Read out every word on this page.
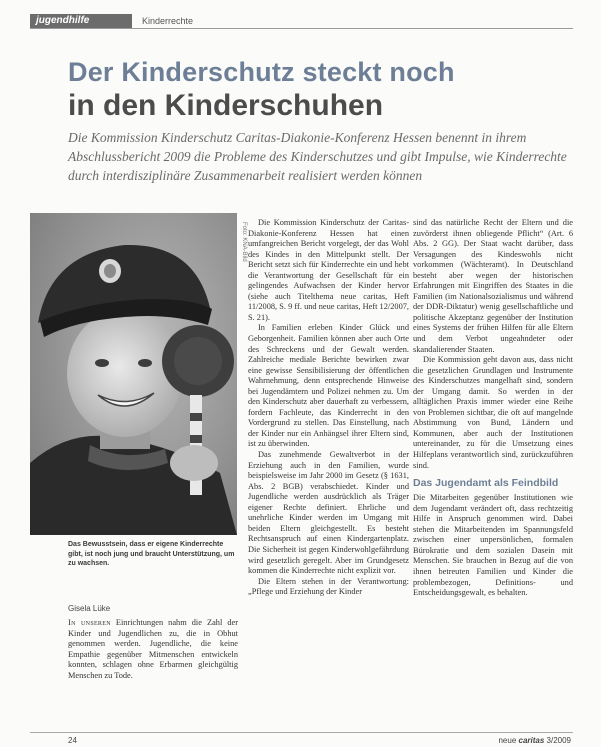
jugendhilfe	Kinderrechte
Der Kinderschutz steckt noch
in den Kinderschuhen

Die Kommission Kinderschutz Caritas-Diakonie-Konferenz Hessen benennt in ihrem Abschlussbericht 2009 die Probleme des Kinderschutzes und gibt Impulse, wie Kinderrechte durch interdisziplinäre Zusammenarbeit realisiert werden können

Foto: KNA-Bild
Das Bewusstsein, dass er eigene Kinderrechte gibt, ist noch jung und braucht Unterstützung, um zu wachsen.
Gisela Lüke

In unseren Einrichtungen nahm die Zahl der Kinder und Jugendlichen zu, die in Obhut genommen werden. Jugendliche, die keine Empathie gegenüber Mitmenschen entwickeln konnten, schlagen ohne Erbarmen gleichgültig Menschen zu Tode.

Die Kommission Kinderschutz der Caritas-Diakonie-Konferenz Hessen hat einen umfangreichen Bericht vorgelegt, der das Wohl des Kindes in den Mittelpunkt stellt. Der Bericht setzt sich für Kinderrechte ein und hebt die Verantwortung der Gesellschaft für ein gelingendes Aufwachsen der Kinder hervor (siehe auch Titelthema neue caritas, Heft 11/2008, S. 9 ff. und neue caritas, Heft 12/2007, S. 21).

In Familien erleben Kinder Glück und Geborgenheit. Familien können aber auch Orte des Schreckens und der Gewalt werden. Zahlreiche mediale Berichte bewirken zwar eine gewisse Sensibilisierung der öffentlichen Wahrnehmung, denn entsprechende Hinweise bei Jugendämtern und Polizei nehmen zu. Um den Kinderschutz aber dauerhaft zu verbessern, fordern Fachleute, das Kinderrecht in den Vordergrund zu stellen. Das Einstellung, nach der Kinder nur ein Anhängsel ihrer Eltern sind, ist zu überwinden.

Das zunehmende Gewaltverbot in der Erziehung auch in den Familien, wurde beispielsweise im Jahr 2000 im Gesetz (§ 1631, Abs. 2 BGB) verabschiedet. Kinder und Jugendliche werden ausdrücklich als Träger eigener Rechte definiert. Ehrliche und unehrliche Kinder werden im Umgang mit beiden Eltern gleichgestellt. Es besteht Rechtsanspruch auf einen Kindergartenplatz. Die Sicherheit ist gegen Kinderwohlgefährdung wird gesetzlich geregelt. Aber im Grundgesetz kommen die Kinderrechte nicht explizit vor.

Die Eltern stehen in der Verantwortung: „Pflege und Erziehung der Kinder

sind das natürliche Recht der Eltern und die zuvörderst ihnen obliegende Pflicht“ (Art. 6 Abs. 2 GG). Der Staat wacht darüber, dass Versagungen des Kindeswohls nicht vorkommen (Wächteramt). In Deutschland besteht aber wegen der historischen Erfahrungen mit Eingriffen des Staates in die Familien (im Nationalsozialismus und während der DDR-Diktatur) wenig gesellschaftliche und politische Akzeptanz gegenüber der Institution eines Systems der frühen Hilfen für alle Eltern und dem Verbot ungeahndeter oder skandalierender Staaten.

Die Kommission geht davon aus, dass nicht die gesetzlichen Grundlagen und Instrumente des Kinderschutzes mangelhaft sind, sondern der Umgang damit. So werden in der alltäglichen Praxis immer wieder eine Reihe von Problemen sichtbar, die oft auf mangelnde Abstimmung von Bund, Ländern und Kommunen, aber auch der Institutionen untereinander, zu für die Umsetzung eines Hilfeplans verantwortlich sind, zurückzuführen sind.

Das Jugendamt als Feindbild

Die Mitarbeiten gegenüber Institutionen wie dem Jugendamt verändert oft, dass rechtzeitig Hilfe in Anspruch genommen wird. Dabei stehen die Mitarbeitenden im Spannungsfeld zwischen einer unpersönlichen, formalen Bürokratie und dem sozialen Dasein mit Menschen. Sie brauchen in Bezug auf die von ihnen betreuten Familien und Kinder die problembezogen, Definitions- und Entscheidungsgewalt, es behalten.

24	neue caritas 3/2009
